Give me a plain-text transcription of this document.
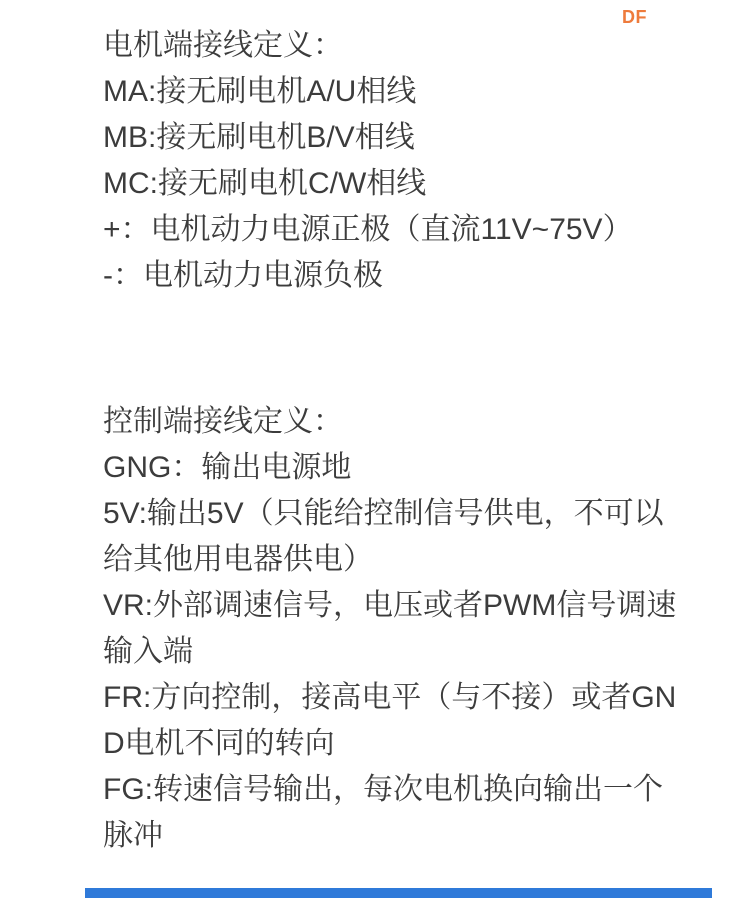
DF
电机端接线定义：
MA:接无刷电机A/U相线
MB:接无刷电机B/V相线
MC:接无刷电机C/W相线
+：电机动力电源正极（直流11V~75V）
-：电机动力电源负极
控制端接线定义：
GNG：输出电源地
5V:输出5V（只能给控制信号供电，不可以
给其他用电器供电）
VR:外部调速信号，电压或者PWM信号调速
输入端
FR:方向控制，接高电平（与不接）或者GN
D电机不同的转向
FG:转速信号输出，每次电机换向输出一个
脉冲
